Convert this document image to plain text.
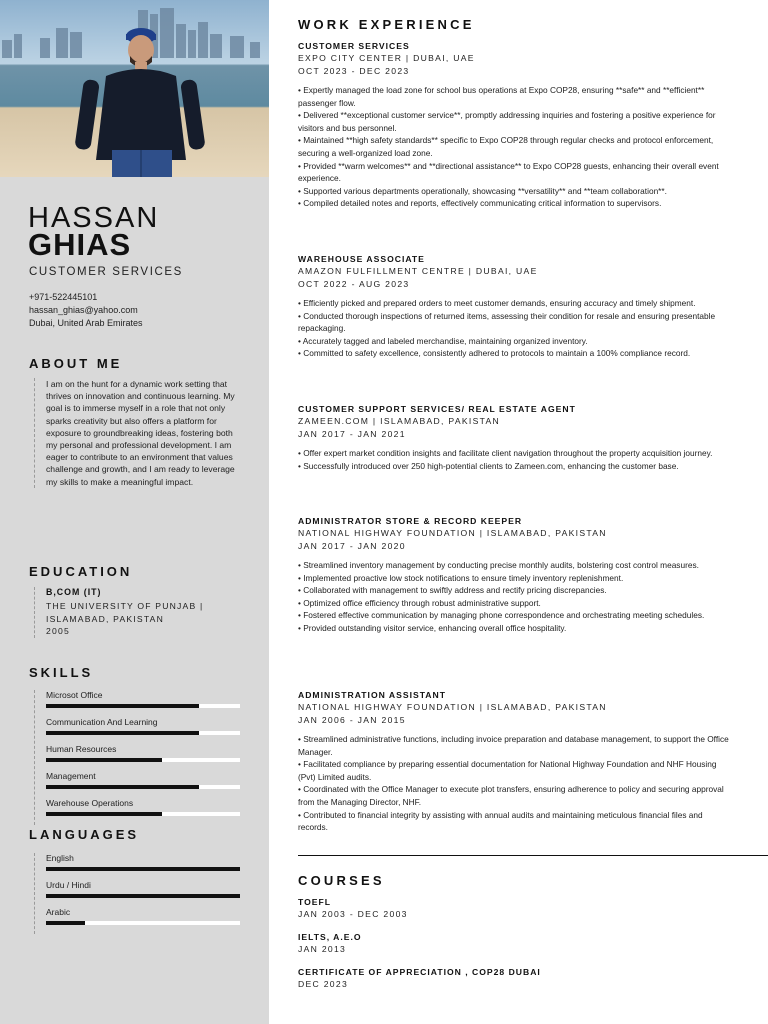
HASSAN
GHIAS
CUSTOMER SERVICES
+971-522445101
hassan_ghias@yahoo.com
Dubai, United Arab Emirates
ABOUT ME
I am on the hunt for a dynamic work setting that thrives on innovation and continuous learning. My goal is to immerse myself in a role that not only sparks creativity but also offers a platform for exposure to groundbreaking ideas, fostering both my personal and professional development. I am eager to contribute to an environment that values challenge and growth, and I am ready to leverage my skills to make a meaningful impact.
EDUCATION
B,COM (IT)
THE UNIVERSITY OF PUNJAB | ISLAMABAD, PAKISTAN
2005
SKILLS
Microsot Office
Communication And Learning
Human Resources
Management
Warehouse Operations
LANGUAGES
English
Urdu / Hindi
Arabic
WORK EXPERIENCE
CUSTOMER SERVICES
EXPO CITY CENTER | DUBAI, UAE
OCT 2023 - DEC 2023
• Expertly managed the load zone for school bus operations at Expo COP28, ensuring **safe** and **efficient** passenger flow.
• Delivered **exceptional customer service**, promptly addressing inquiries and fostering a positive experience for visitors and bus personnel.
• Maintained **high safety standards** specific to Expo COP28 through regular checks and protocol enforcement, securing a well-organized load zone.
• Provided **warm welcomes** and **directional assistance** to Expo COP28 guests, enhancing their overall event experience.
• Supported various departments operationally, showcasing **versatility** and **team collaboration**.
• Compiled detailed notes and reports, effectively communicating critical information to supervisors.
WAREHOUSE ASSOCIATE
AMAZON FULFILLMENT CENTRE | DUBAI, UAE
OCT 2022 - AUG 2023
• Efficiently picked and prepared orders to meet customer demands, ensuring accuracy and timely shipment.
• Conducted thorough inspections of returned items, assessing their condition for resale and ensuring presentable repackaging.
• Accurately tagged and labeled merchandise, maintaining organized inventory.
• Committed to safety excellence, consistently adhered to protocols to maintain a 100% compliance record.
CUSTOMER SUPPORT SERVICES/ REAL ESTATE AGENT
ZAMEEN.COM | ISLAMABAD, PAKISTAN
JAN 2017 - JAN 2021
• Offer expert market condition insights and facilitate client navigation throughout the property acquisition journey.
• Successfully introduced over 250 high-potential clients to Zameen.com, enhancing the customer base.
ADMINISTRATOR STORE & RECORD KEEPER
NATIONAL HIGHWAY FOUNDATION | ISLAMABAD, PAKISTAN
JAN 2017 - JAN 2020
• Streamlined inventory management by conducting precise monthly audits, bolstering cost control measures.
• Implemented proactive low stock notifications to ensure timely inventory replenishment.
• Collaborated with management to swiftly address and rectify pricing discrepancies.
• Optimized office efficiency through robust administrative support.
• Fostered effective communication by managing phone correspondence and orchestrating meeting schedules.
• Provided outstanding visitor service, enhancing overall office hospitality.
ADMINISTRATION ASSISTANT
NATIONAL HIGHWAY FOUNDATION | ISLAMABAD, PAKISTAN
JAN 2006 - JAN 2015
• Streamlined administrative functions, including invoice preparation and database management, to support the Office Manager.
• Facilitated compliance by preparing essential documentation for National Highway Foundation and NHF Housing (Pvt) Limited audits.
• Coordinated with the Office Manager to execute plot transfers, ensuring adherence to policy and securing approval from the Managing Director, NHF.
• Contributed to financial integrity by assisting with annual audits and maintaining meticulous financial files and records.
COURSES
TOEFL
JAN 2003 - DEC 2003
IELTS, A.E.O
JAN 2013
CERTIFICATE OF APPRECIATION , COP28 DUBAI
DEC 2023
